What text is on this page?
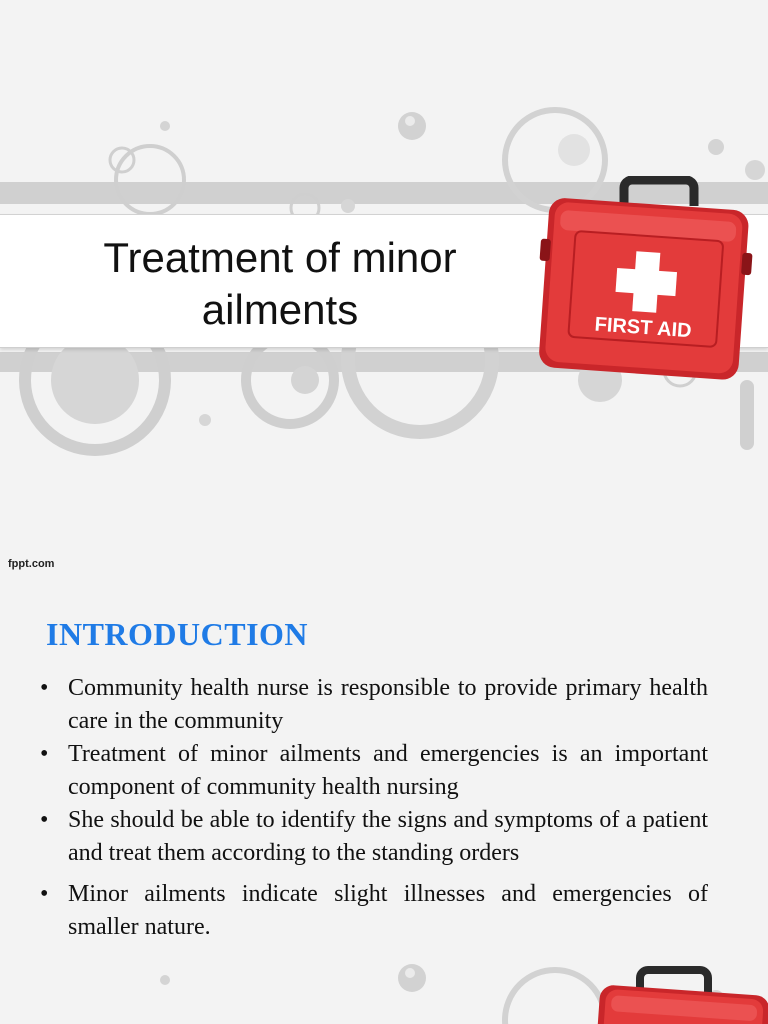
Treatment of minor ailments	FIRST AID
fppt.com
INTRODUCTION
• Community health nurse is responsible to provide primary health care in the community
• Treatment of minor ailments and emergencies is an important component of community health nursing
• She should be able to identify the signs and symptoms of a patient and treat them according to the standing orders
• Minor ailments indicate slight illnesses and emergencies of smaller nature.
